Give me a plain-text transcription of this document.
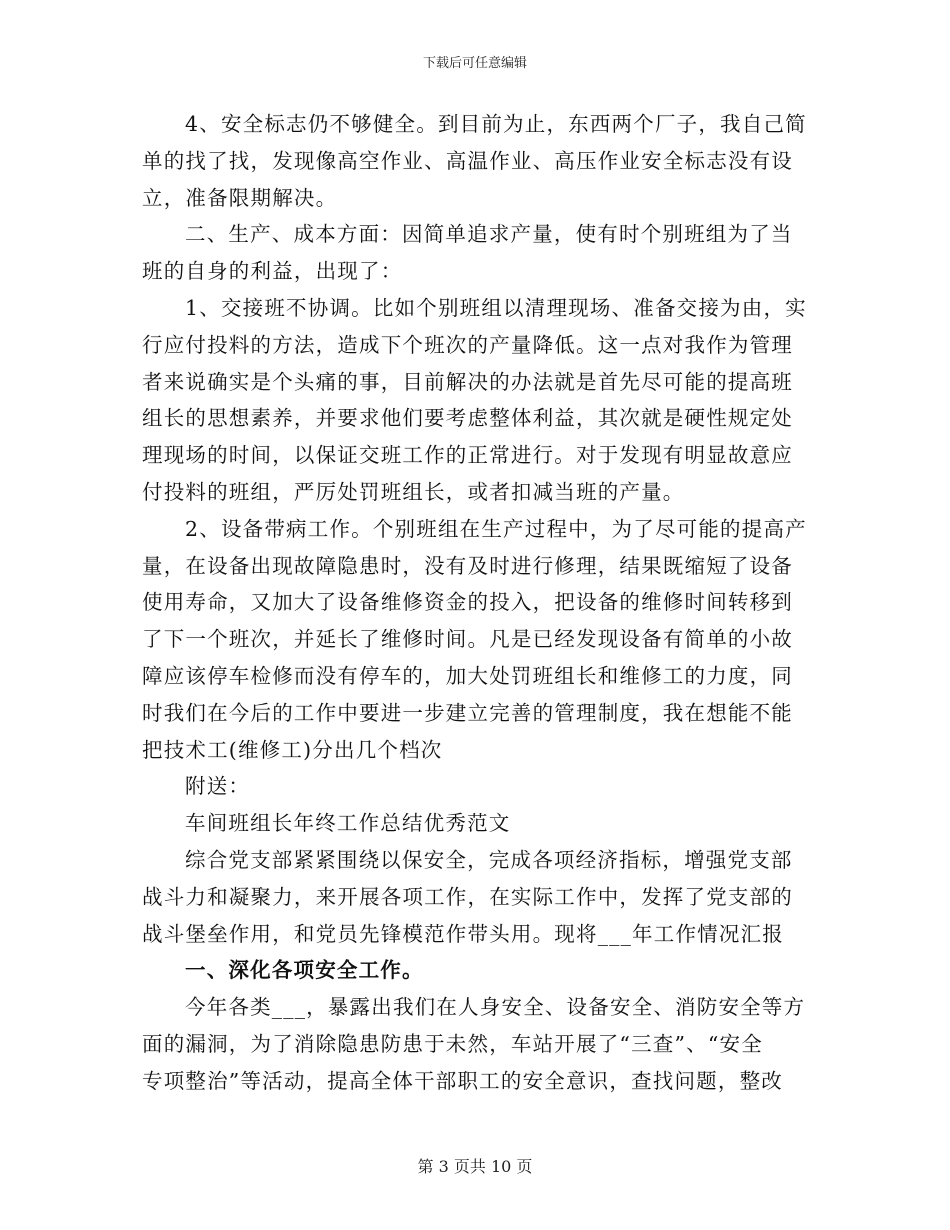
下载后可任意编辑
4、安全标志仍不够健全。到目前为止，东西两个厂子，我自己简
单的找了找，发现像高空作业、高温作业、高压作业安全标志没有设
立，准备限期解决。
二、生产、成本方面：因简单追求产量，使有时个别班组为了当
班的自身的利益，出现了：
1、交接班不协调。比如个别班组以清理现场、准备交接为由，实
行应付投料的方法，造成下个班次的产量降低。这一点对我作为管理
者来说确实是个头痛的事，目前解决的办法就是首先尽可能的提高班
组长的思想素养，并要求他们要考虑整体利益，其次就是硬性规定处
理现场的时间，以保证交班工作的正常进行。对于发现有明显故意应
付投料的班组，严厉处罚班组长，或者扣减当班的产量。
2、设备带病工作。个别班组在生产过程中，为了尽可能的提高产
量，在设备出现故障隐患时，没有及时进行修理，结果既缩短了设备
使用寿命，又加大了设备维修资金的投入，把设备的维修时间转移到
了下一个班次，并延长了维修时间。凡是已经发现设备有简单的小故
障应该停车检修而没有停车的，加大处罚班组长和维修工的力度，同
时我们在今后的工作中要进一步建立完善的管理制度，我在想能不能
把技术工(维修工)分出几个档次
附送：
车间班组长年终工作总结优秀范文
综合党支部紧紧围绕以保安全，完成各项经济指标，增强党支部
战斗力和凝聚力，来开展各项工作，在实际工作中，发挥了党支部的
战斗堡垒作用，和党员先锋模范作带头用。现将___年工作情况汇报
一、深化各项安全工作。
今年各类___，暴露出我们在人身安全、设备安全、消防安全等方
面的漏洞，为了消除隐患防患于未然，车站开展了“三查”、“安全
专项整治”等活动，提高全体干部职工的安全意识，查找问题，整改
第 3 页共 10 页
